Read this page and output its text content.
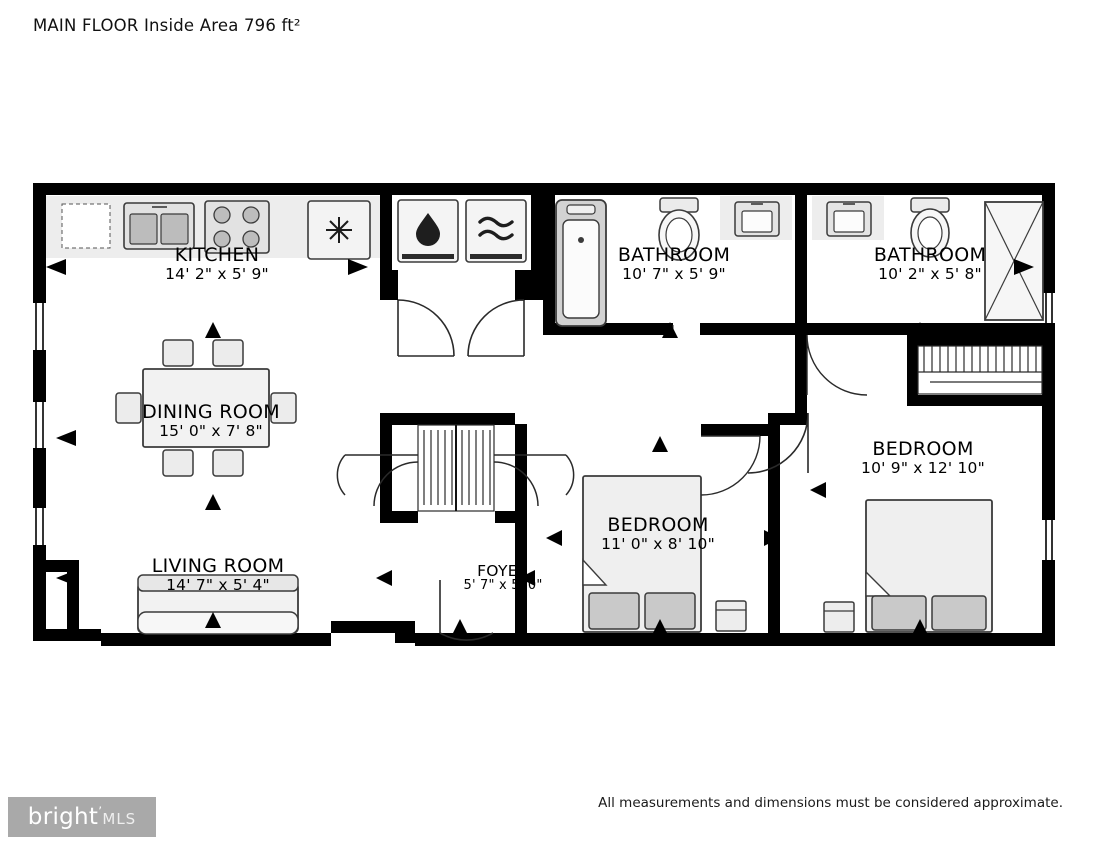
MAIN FLOOR Inside Area 796 ft²
KITCHEN
14' 2" x 5' 9"
BATHROOM
10' 7" x 5' 9"
BATHROOM
10' 2" x 5' 8"
DINING ROOM
15' 0" x 7' 8"
BEDROOM
10' 9" x 12' 10"
BEDROOM
11' 0" x 8' 10"
LIVING ROOM
14' 7" x 5' 4"
FOYER
5' 7" x 5' 0"
All measurements and dimensions must be considered approximate.
bright’MLS
